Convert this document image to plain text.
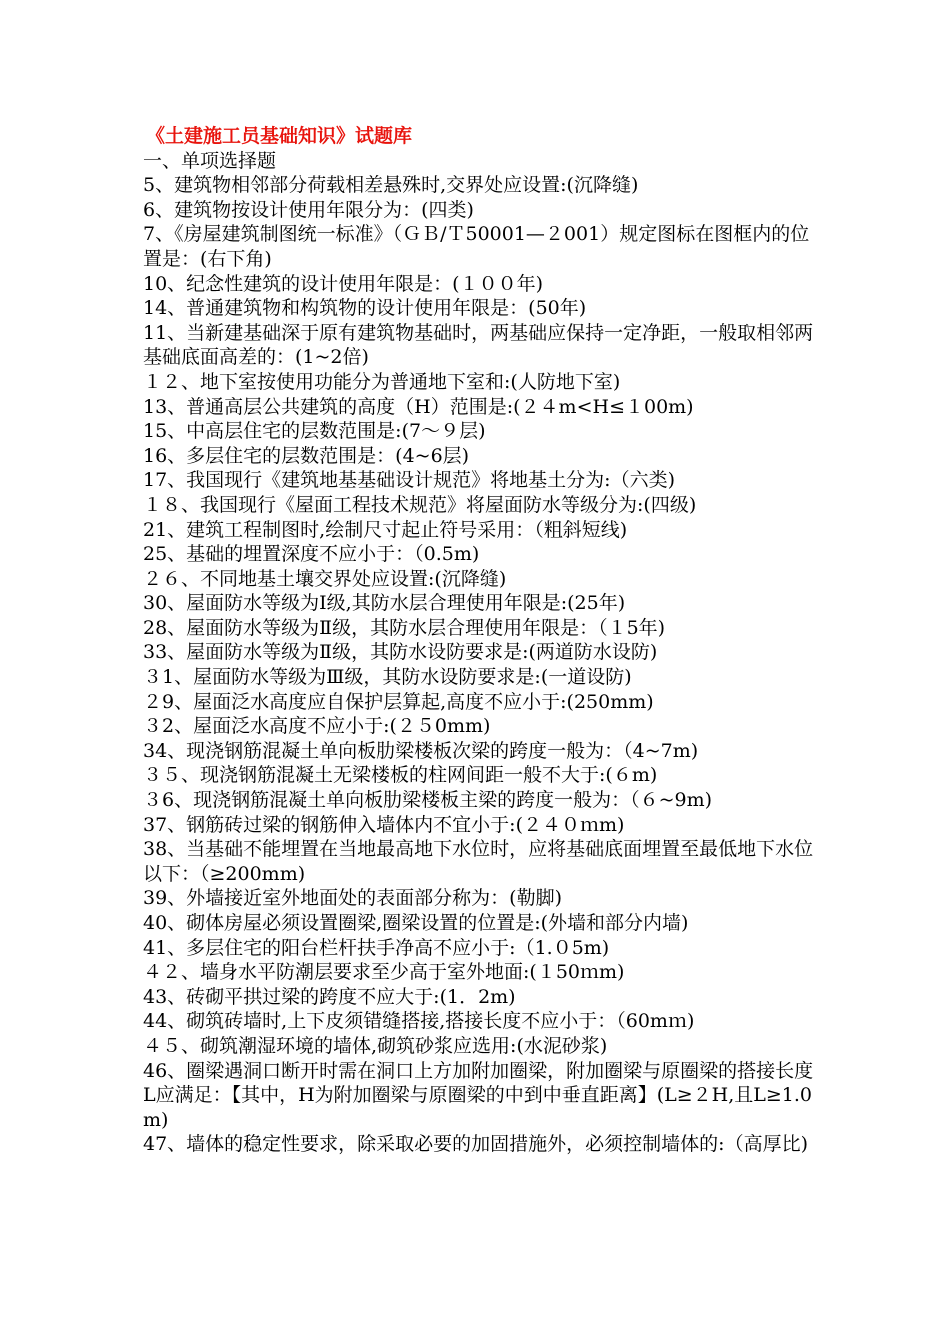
《土建施工员基础知识》试题库

一、单项选择题

5、建筑物相邻部分荷载相差悬殊时,交界处应设置:(沉降缝)

6、建筑物按设计使用年限分为：(四类)

7、《房屋建筑制图统一标准》（ＧＢ/Ｔ50001—２001）规定图标在图框内的位置是：(右下角)

10、纪念性建筑的设计使用年限是：(１００年)

14、普通建筑物和构筑物的设计使用年限是：(50年)

11、当新建基础深于原有建筑物基础时，两基础应保持一定净距，一般取相邻两基础底面高差的：(1~2倍)

１２、地下室按使用功能分为普通地下室和:(人防地下室)

13、普通高层公共建筑的高度（H）范围是:(２４m<H≤１00m)

15、中高层住宅的层数范围是:(7～９层)

16、多层住宅的层数范围是：(4~6层)

17、我国现行《建筑地基基础设计规范》将地基土分为:（六类)

１８、我国现行《屋面工程技术规范》将屋面防水等级分为:(四级)

21、建筑工程制图时,绘制尺寸起止符号采用：（粗斜短线)

25、基础的埋置深度不应小于：（0.5m)

２６、不同地基土壤交界处应设置:(沉降缝)

30、屋面防水等级为Ⅰ级,其防水层合理使用年限是:(25年)

28、屋面防水等级为Ⅱ级，其防水层合理使用年限是：（１5年)

33、屋面防水等级为Ⅱ级，其防水设防要求是:(两道防水设防)

３1、屋面防水等级为Ⅲ级，其防水设防要求是:(一道设防)

２9、屋面泛水高度应自保护层算起,高度不应小于:(250mm)

３2、屋面泛水高度不应小于:(２５0mm)

34、现浇钢筋混凝土单向板肋梁楼板次梁的跨度一般为：（4~7m)

３５、现浇钢筋混凝土无梁楼板的柱网间距一般不大于:(６m)

３6、现浇钢筋混凝土单向板肋梁楼板主梁的跨度一般为：（６~9m)

37、钢筋砖过梁的钢筋伸入墙体内不宜小于:(２４０ｍm)

38、当基础不能埋置在当地最高地下水位时，应将基础底面埋置至最低地下水位以下：（≥200mm)

39、外墙接近室外地面处的表面部分称为：(勒脚)

40、砌体房屋必须设置圈梁,圈梁设置的位置是:(外墙和部分内墙)

41、多层住宅的阳台栏杆扶手净高不应小于:（1.０5m)

４２、墙身水平防潮层要求至少高于室外地面:(１50ｍm)

43、砖砌平拱过梁的跨度不应大于:(1．2m)

44、砌筑砖墙时,上下皮须错缝搭接,搭接长度不应小于：（60mｍ)

４５、砌筑潮湿环境的墙体,砌筑砂浆应选用:(水泥砂浆)

46、圈梁遇洞口断开时需在洞口上方加附加圈梁，附加圈梁与原圈梁的搭接长度L应满足：【其中，H为附加圈梁与原圈梁的中到中垂直距离】(L≥２H,且L≥1.0m)

47、墙体的稳定性要求，除采取必要的加固措施外，必须控制墙体的:（高厚比)
